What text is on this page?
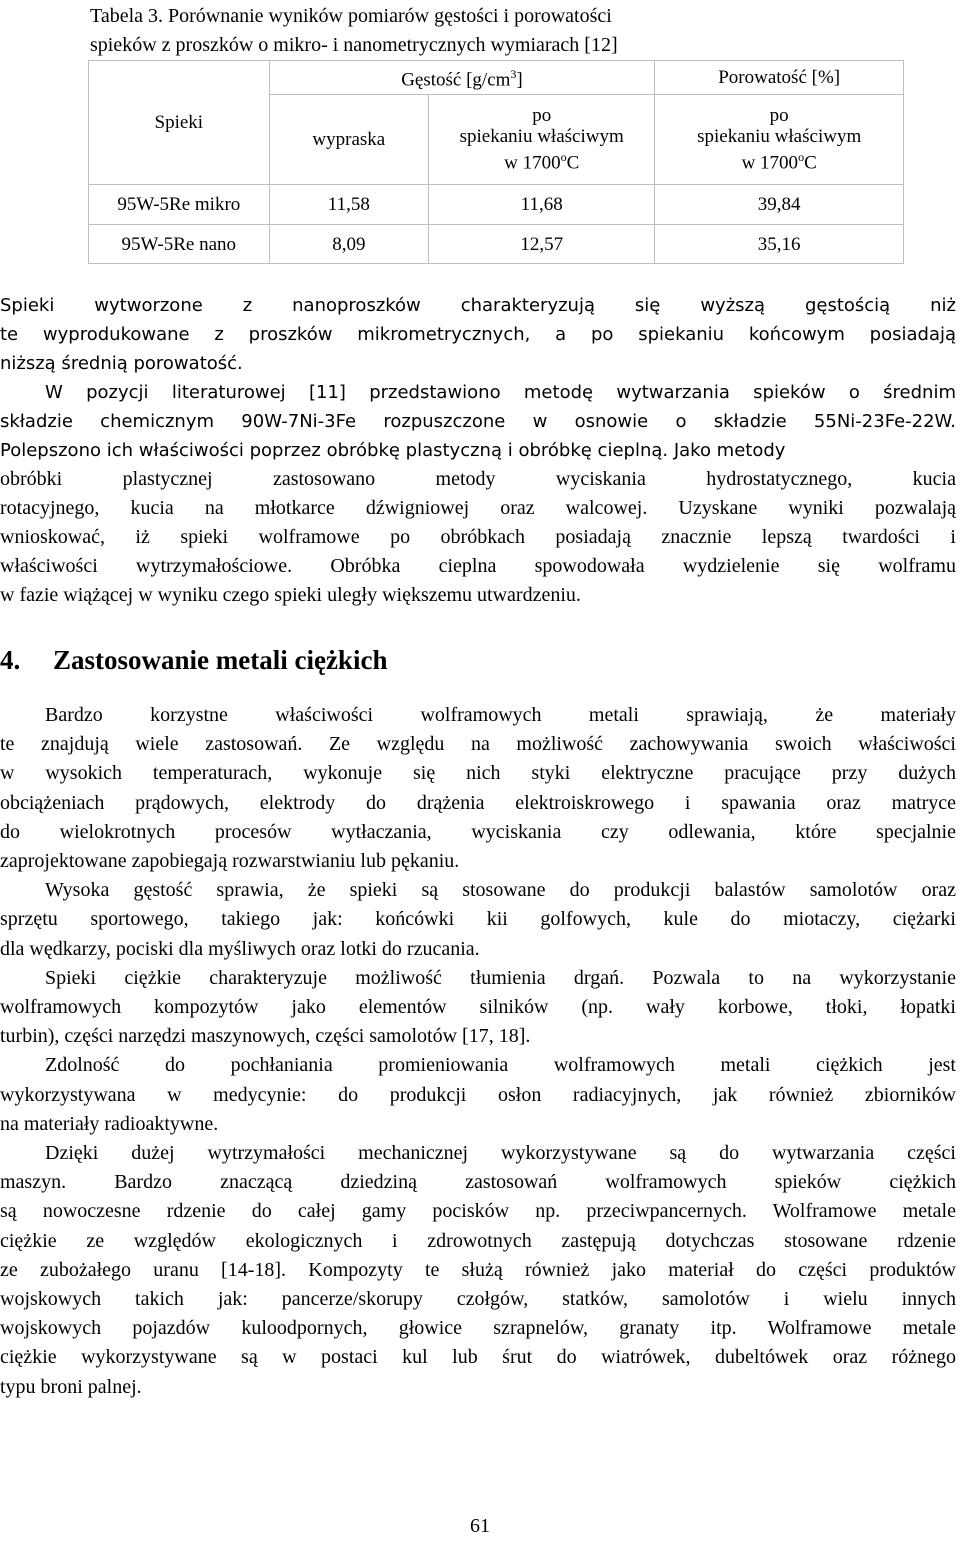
Tabela 3. Porównanie wyników pomiarów gęstości i porowatości
spieków z proszków o mikro- i nanometrycznych wymiarach [12]
Spieki	Gęstość $[g/cm^3]$		Porowatość [%]
	wypraska	po
spiekaniu właściwym
w 1700$^o$C	po
spiekaniu właściwym
w 1700$^o$C

95W-5Re mikro	11,58	11,68	39,84
95W-5Re nano	8,09	12,57	35,16
Spieki wytworzone z nanoproszków charakteryzują się wyższą gęstością niż
te wyprodukowane z proszków mikrometrycznych, a po spiekaniu końcowym posiadają
niższą średnią porowatość.
W pozycji literaturowej [11] przedstawiono metodę wytwarzania spieków o średnim
składzie chemicznym 90W-7Ni-3Fe rozpuszczone w osnowie o składzie 55Ni-23Fe-22W.
Polepszono ich właściwości poprzez obróbkę plastyczną i obróbkę cieplną. Jako metody
obróbki plastycznej zastosowano metody wyciskania hydrostatycznego, kucia
rotacyjnego, kucia na młotkarce dźwigniowej oraz walcowej. Uzyskane wyniki pozwalają
wnioskować, iż spieki wolframowe po obróbkach posiadają znacznie lepszą twardości i
właściwości wytrzymałościowe. Obróbka cieplna spowodowała wydzielenie się wolframu
w fazie wiążącej w wyniku czego spieki uległy większemu utwardzeniu.
4. Zastosowanie metali ciężkich
Bardzo korzystne właściwości wolframowych metali sprawiają, że materiały
te znajdują wiele zastosowań. Ze względu na możliwość zachowywania swoich właściwości
w wysokich temperaturach, wykonuje się nich styki elektryczne pracujące przy dużych
obciążeniach prądowych, elektrody do drążenia elektroiskrowego i spawania oraz matryce
do wielokrotnych procesów wytłaczania, wyciskania czy odlewania, które specjalnie
zaprojektowane zapobiegają rozwarstwianiu lub pękaniu.
Wysoka gęstość sprawia, że spieki są stosowane do produkcji balastów samolotów oraz
sprzętu sportowego, takiego jak: końcówki kii golfowych, kule do miotaczy, ciężarki
dla wędkarzy, pociski dla myśliwych oraz lotki do rzucania.
Spieki ciężkie charakteryzuje możliwość tłumienia drgań. Pozwala to na wykorzystanie
wolframowych kompozytów jako elementów silników (np. wały korbowe, tłoki, łopatki
turbin), części narzędzi maszynowych, części samolotów [17, 18].
Zdolność do pochłaniania promieniowania wolframowych metali ciężkich jest
wykorzystywana w medycynie: do produkcji osłon radiacyjnych, jak również zbiorników
na materiały radioaktywne.
Dzięki dużej wytrzymałości mechanicznej wykorzystywane są do wytwarzania części
maszyn. Bardzo znaczącą dziedziną zastosowań wolframowych spieków ciężkich
są nowoczesne rdzenie do całej gamy pocisków np. przeciwpancernych. Wolframowe metale
ciężkie ze względów ekologicznych i zdrowotnych zastępują dotychczas stosowane rdzenie
ze zubożałego uranu [14-18]. Kompozyty te służą również jako materiał do części produktów
wojskowych takich jak: pancerze/skorupy czołgów, statków, samolotów i wielu innych
wojskowych pojazdów kuloodpornych, głowice szrapnelów, granaty itp. Wolframowe metale
ciężkie wykorzystywane są w postaci kul lub śrut do wiatrówek, dubeltówek oraz różnego
typu broni palnej.
61
